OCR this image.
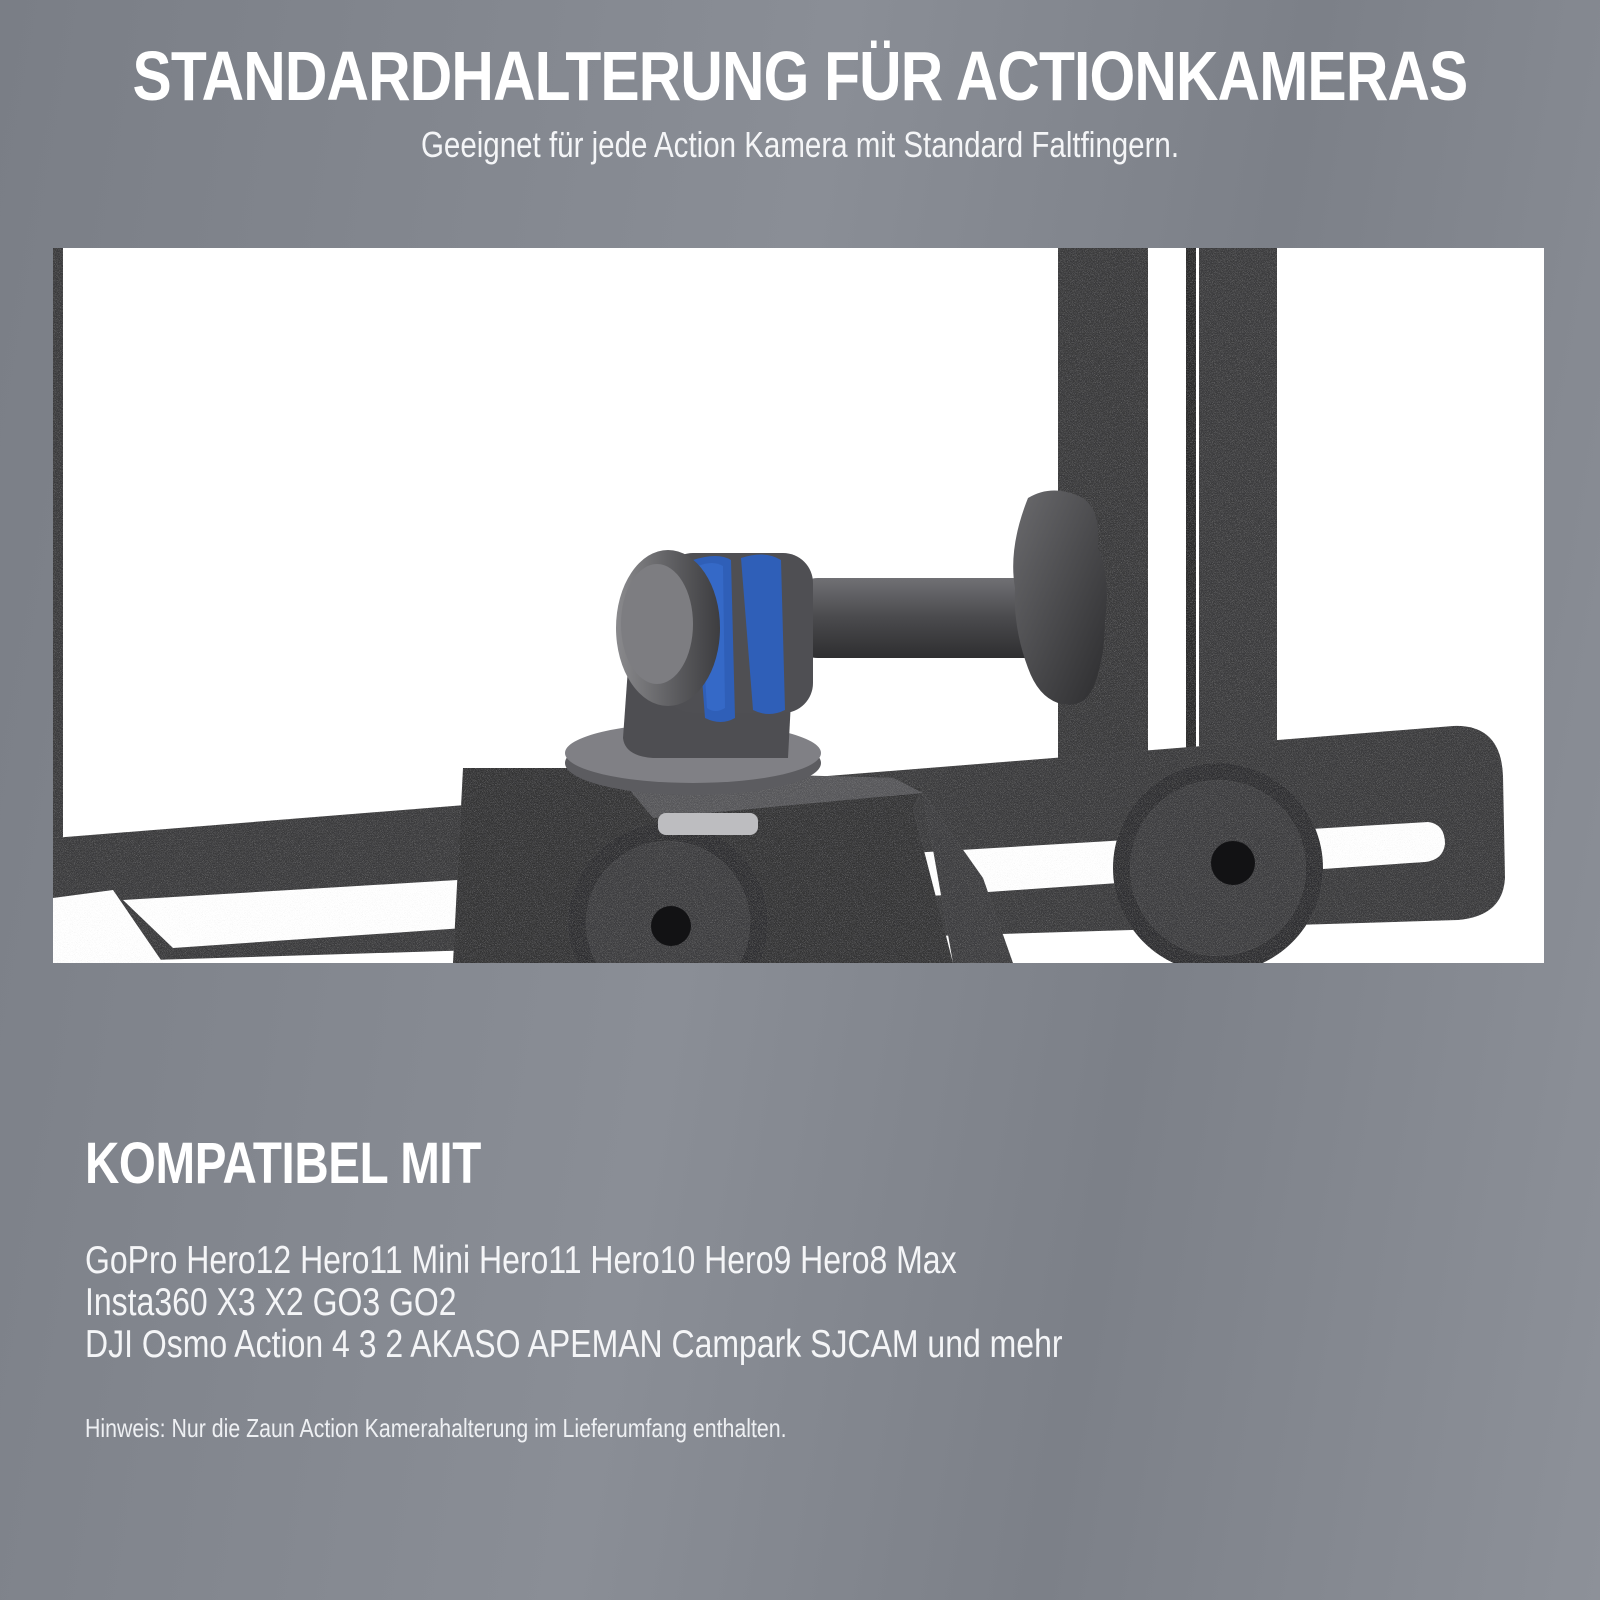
STANDARDHALTERUNG FÜR ACTIONKAMERAS

Geeignet für jede Action Kamera mit Standard Faltfingern.

KOMPATIBEL MIT
GoPro Hero12 Hero11 Mini Hero11 Hero10 Hero9 Hero8 Max
Insta360 X3 X2 GO3 GO2
DJI Osmo Action 4 3 2 AKASO APEMAN Campark SJCAM und mehr

Hinweis: Nur die Zaun Action Kamerahalterung im Lieferumfang enthalten.
